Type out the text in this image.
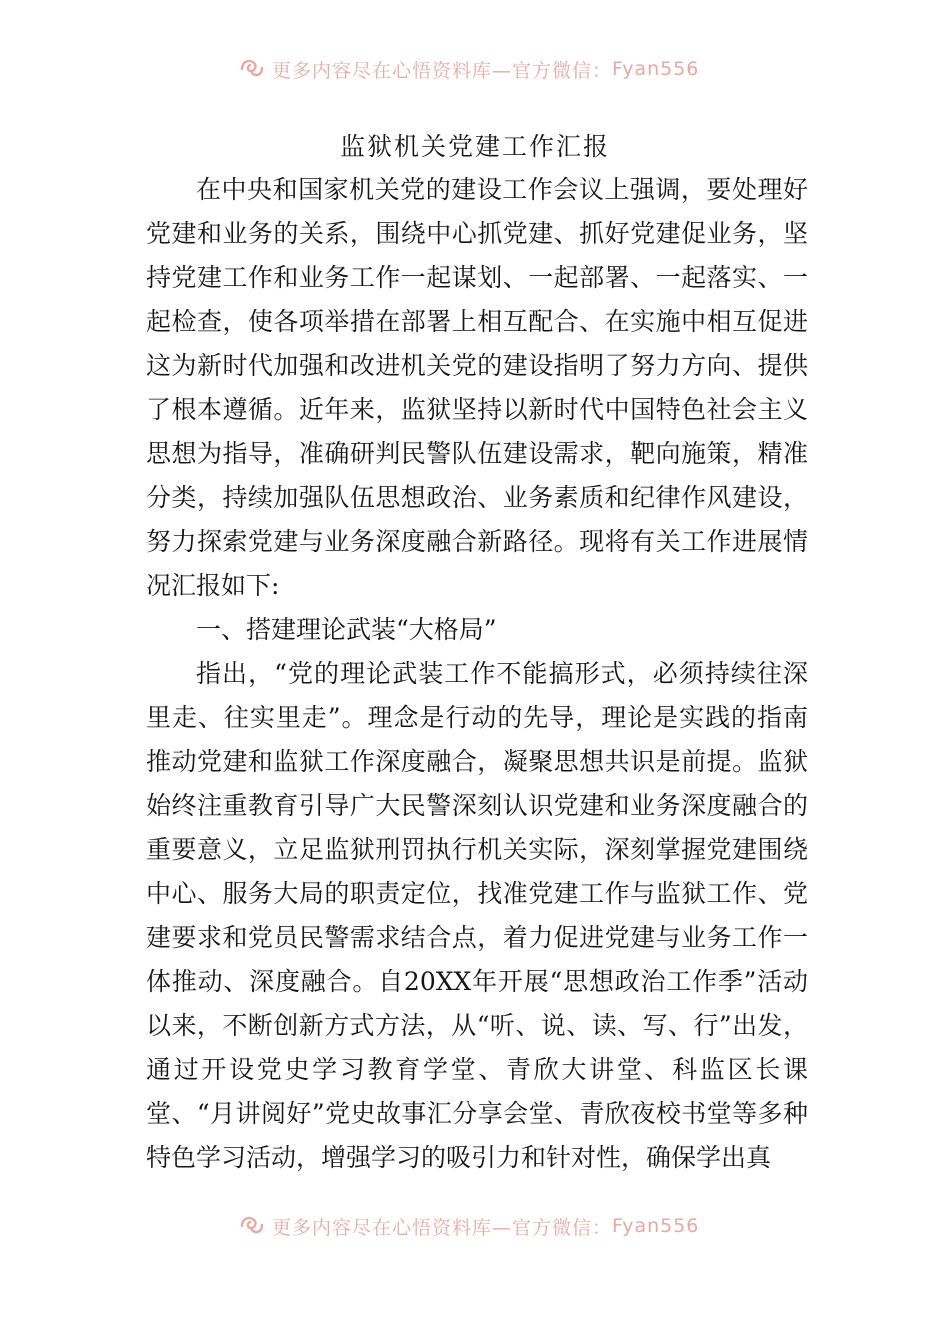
更多内容尽在心悟资料库—官方微信： Fyan556
监狱机关党建工作汇报

在中央和国家机关党的建设工作会议上强调，要处理好党建和业务的关系，围绕中心抓党建、抓好党建促业务，坚持党建工作和业务工作一起谋划、一起部署、一起落实、一起检查，使各项举措在部署上相互配合、在实施中相互促进这为新时代加强和改进机关党的建设指明了努力方向、提供了根本遵循。近年来，监狱坚持以新时代中国特色社会主义思想为指导，准确研判民警队伍建设需求，靶向施策，精准分类，持续加强队伍思想政治、业务素质和纪律作风建设，努力探索党建与业务深度融合新路径。现将有关工作进展情况汇报如下:

一、搭建理论武装“大格局”

指出，“党的理论武装工作不能搞形式，必须持续往深里走、往实里走”。理念是行动的先导，理论是实践的指南推动党建和监狱工作深度融合，凝聚思想共识是前提。监狱始终注重教育引导广大民警深刻认识党建和业务深度融合的重要意义，立足监狱刑罚执行机关实际，深刻掌握党建围绕中心、服务大局的职责定位，找准党建工作与监狱工作、党建要求和党员民警需求结合点，着力促进党建与业务工作一体推动、深度融合。自20XX年开展“思想政治工作季”活动以来，不断创新方式方法，从“听、说、读、写、行”出发，通过开设党史学习教育学堂、青欣大讲堂、科监区长课堂、“月讲阅好”党史故事汇分享会堂、青欣夜校书堂等多种特色学习活动，增强学习的吸引力和针对性，确保学出真

更多内容尽在心悟资料库—官方微信： Fyan556
